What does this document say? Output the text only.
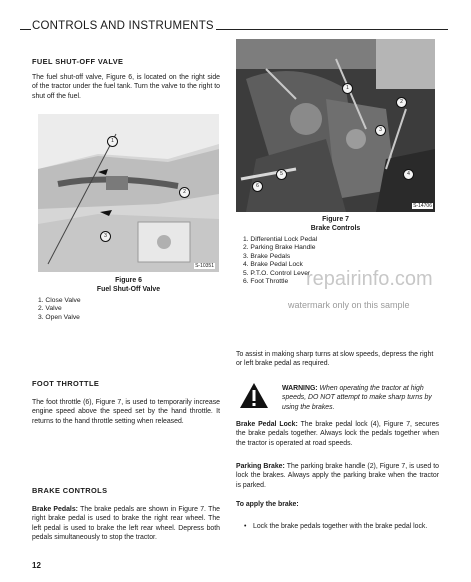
CONTROLS AND INSTRUMENTS
FUEL SHUT-OFF VALVE
The fuel shut-off valve, Figure 6, is located on the right side of the tractor under the fuel tank. Turn the valve to the right to shut off the fuel.
1
2
3
S-10351
Figure 6
Fuel Shut-Off Valve
1. Close Valve
2. Valve
3. Open Valve
1
2
3
4
5
6
S-14706
Figure 7
Brake Controls
1. Differential Lock Pedal
2. Parking Brake Handle
3. Brake Pedals
4. Brake Pedal Lock
5. P.T.O. Control Lever
6. Foot Throttle repairinfo.com
watermark only on this sample
To assist in making sharp turns at slow speeds, depress the right or left brake pedal as required.
WARNING: When operating the tractor at high speeds, DO NOT attempt to make sharp turns by using the brakes.
Brake Pedal Lock: The brake pedal lock (4), Figure 7, secures the brake pedals together. Always lock the pedals together when the tractor is operated at road speeds.
Parking Brake: The parking brake handle (2), Figure 7, is used to lock the brakes. Always apply the parking brake when the tractor is parked.
To apply the brake:
• Lock the brake pedals together with the brake pedal lock.
FOOT THROTTLE
The foot throttle (6), Figure 7, is used to temporarily increase engine speed above the speed set by the hand throttle. It returns to the hand throttle setting when released.
BRAKE CONTROLS
Brake Pedals: The brake pedals are shown in Figure 7. The right brake pedal is used to brake the right rear wheel. The left pedal is used to brake the left rear wheel. Depress both pedals simultaneously to stop the tractor.
12
